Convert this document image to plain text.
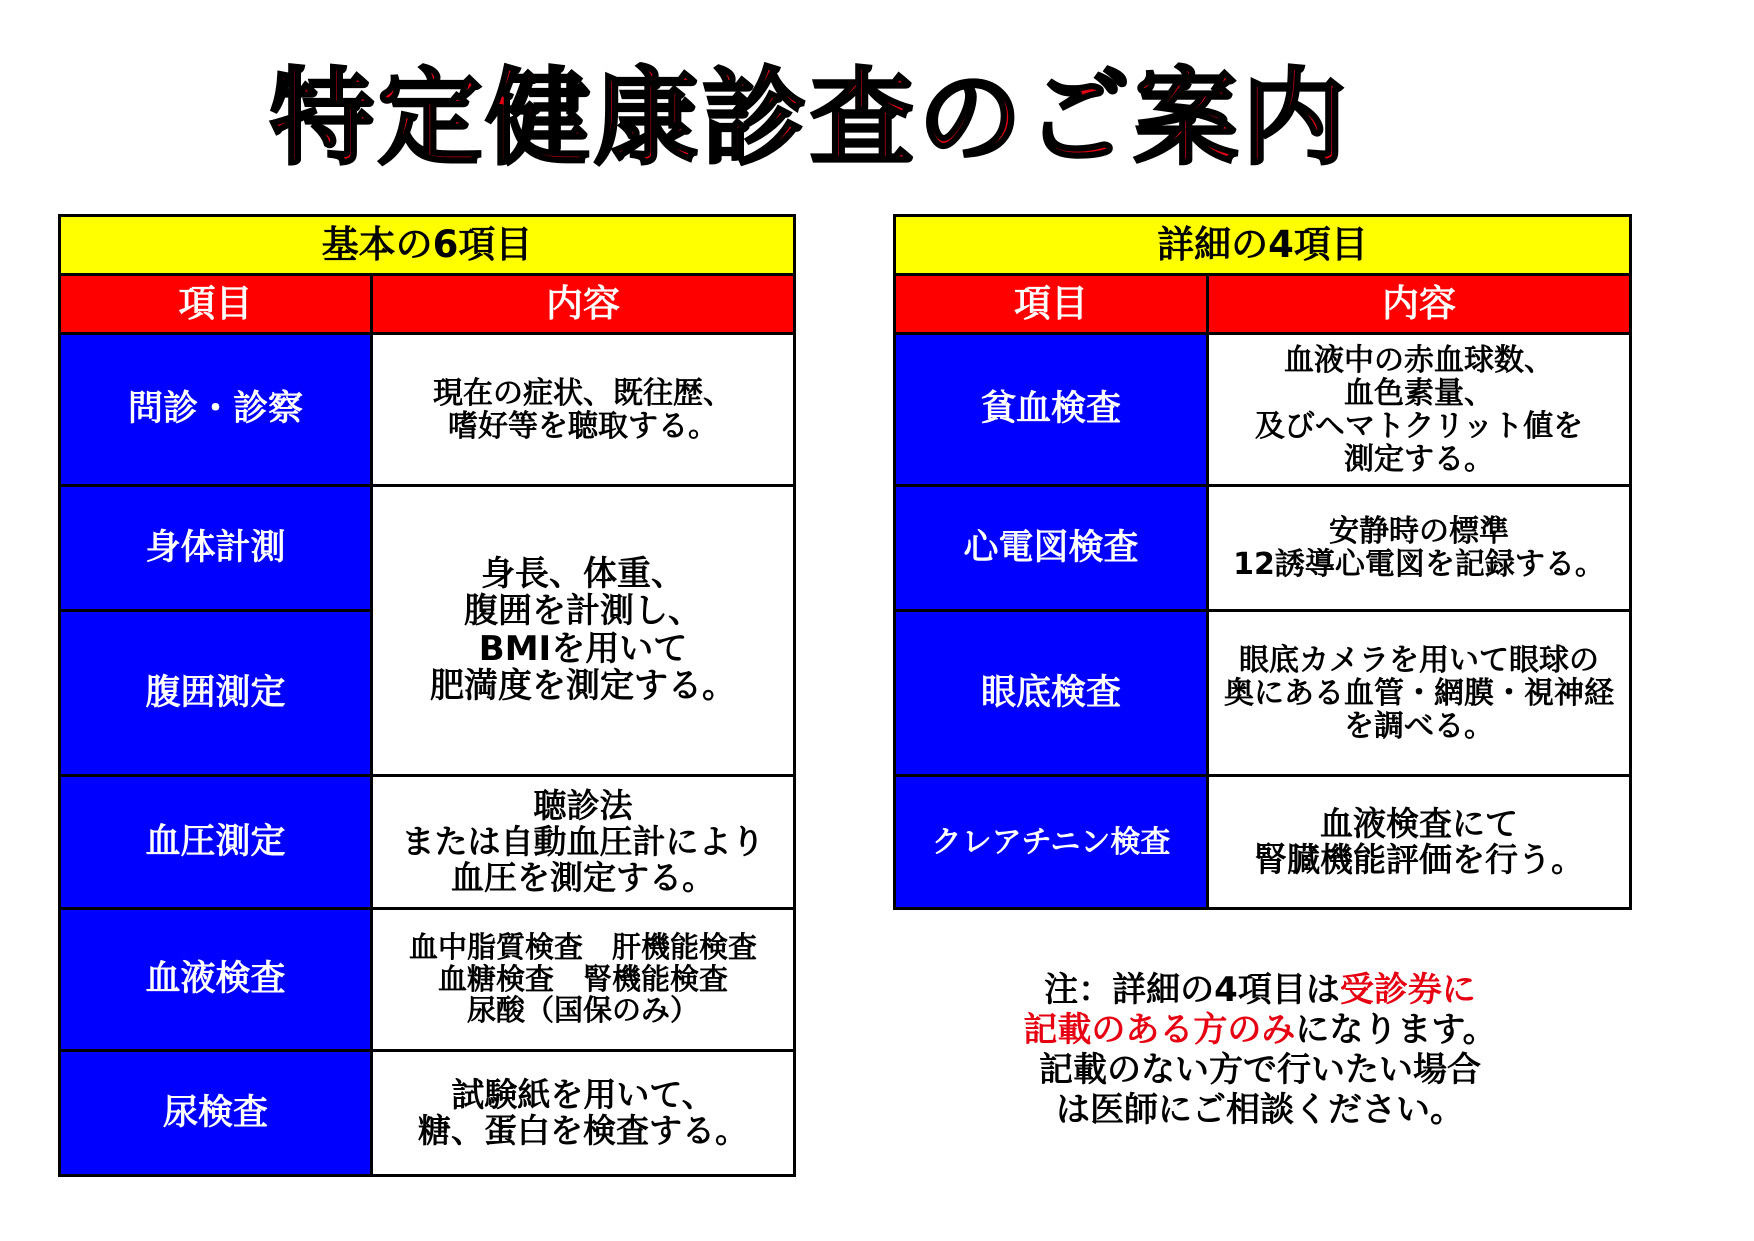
特定健康診査のご案内
基本の6項目	
項目	内容
問診・診察	現在の症状、既往歴、
嗜好等を聴取する。
身体計測	身長、体重、
腹囲を計測し、
BMIを用いて
肥満度を測定する。
腹囲測定	
血圧測定	聴診法
または自動血圧計により
血圧を測定する。
血液検査	血中脂質検査　肝機能検査
血糖検査　腎機能検査
尿酸（国保のみ）
尿検査	試験紙を用いて、
糖、蛋白を検査する。
詳細の4項目	
項目	内容
貧血検査	血液中の赤血球数、
血色素量、
及びヘマトクリット値を
測定する。
心電図検査	安静時の標準
12誘導心電図を記録する。
眼底検査	眼底カメラを用いて眼球の
奥にある血管・網膜・視神経
を調べる。
クレアチニン検査	血液検査にて
腎臓機能評価を行う。
注：詳細の4項目は受診券に
記載のある方のみになります。
記載のない方で行いたい場合
は医師にご相談ください。
